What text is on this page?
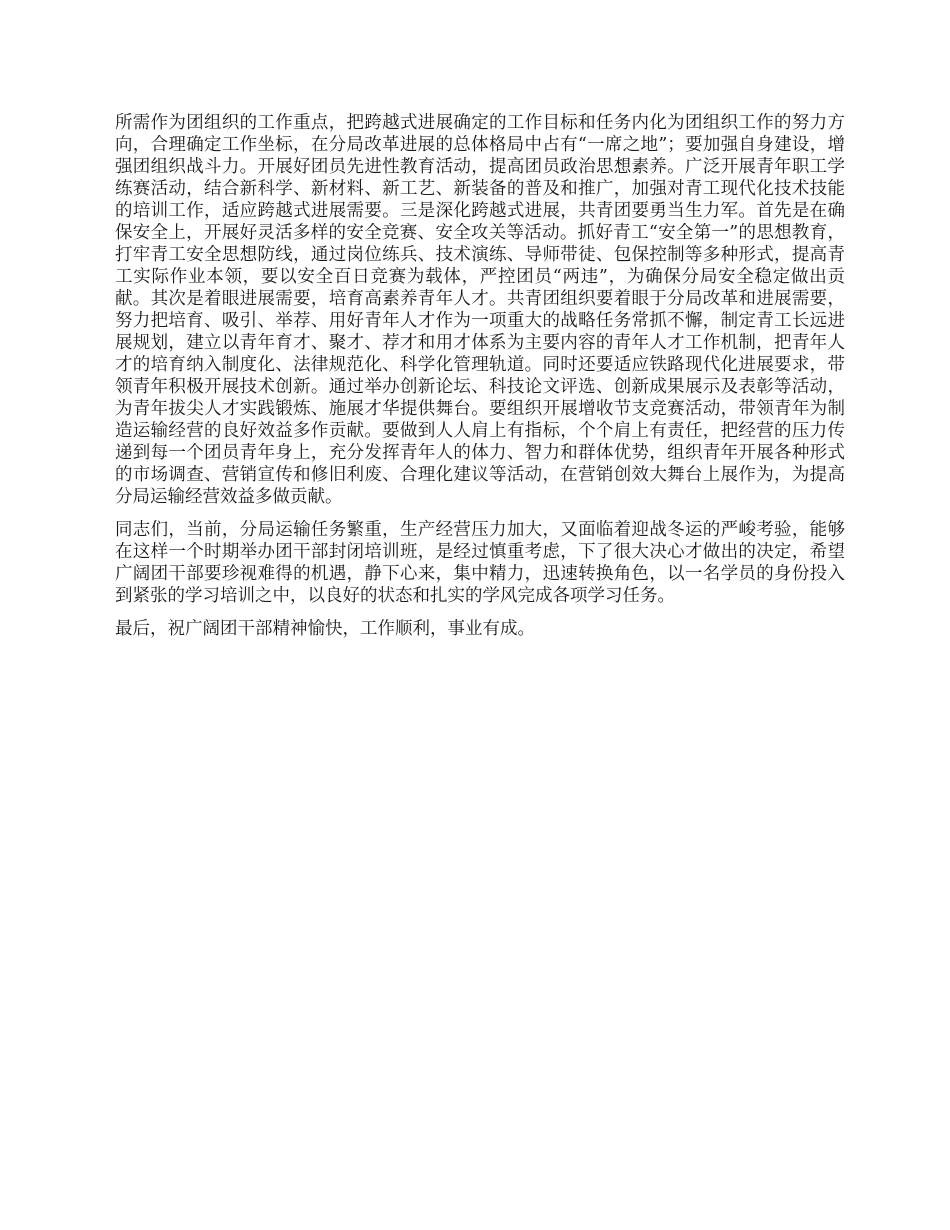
所需作为团组织的工作重点，把跨越式进展确定的工作目标和任务内化为团组织工作的努力方向，合理确定工作坐标，在分局改革进展的总体格局中占有“一席之地”；要加强自身建设，增强团组织战斗力。开展好团员先进性教育活动，提高团员政治思想素养。广泛开展青年职工学练赛活动，结合新科学、新材料、新工艺、新装备的普及和推广，加强对青工现代化技术技能的培训工作，适应跨越式进展需要。三是深化跨越式进展，共青团要勇当生力军。首先是在确保安全上，开展好灵活多样的安全竞赛、安全攻关等活动。抓好青工“安全第一”的思想教育，打牢青工安全思想防线，通过岗位练兵、技术演练、导师带徒、包保控制等多种形式，提高青工实际作业本领，要以安全百日竞赛为载体，严控团员“两违”，为确保分局安全稳定做出贡献。其次是着眼进展需要，培育高素养青年人才。共青团组织要着眼于分局改革和进展需要，努力把培育、吸引、举荐、用好青年人才作为一项重大的战略任务常抓不懈，制定青工长远进展规划，建立以青年育才、聚才、荐才和用才体系为主要内容的青年人才工作机制，把青年人才的培育纳入制度化、法律规范化、科学化管理轨道。同时还要适应铁路现代化进展要求，带领青年积极开展技术创新。通过举办创新论坛、科技论文评选、创新成果展示及表彰等活动，为青年拔尖人才实践锻炼、施展才华提供舞台。要组织开展增收节支竞赛活动，带领青年为制造运输经营的良好效益多作贡献。要做到人人肩上有指标，个个肩上有责任，把经营的压力传递到每一个团员青年身上，充分发挥青年人的体力、智力和群体优势，组织青年开展各种形式的市场调查、营销宣传和修旧利废、合理化建议等活动，在营销创效大舞台上展作为，为提高分局运输经营效益多做贡献。

同志们，当前，分局运输任务繁重，生产经营压力加大，又面临着迎战冬运的严峻考验，能够在这样一个时期举办团干部封闭培训班，是经过慎重考虑，下了很大决心才做出的决定，希望广阔团干部要珍视难得的机遇，静下心来，集中精力，迅速转换角色，以一名学员的身份投入到紧张的学习培训之中，以良好的状态和扎实的学风完成各项学习任务。

最后，祝广阔团干部精神愉快，工作顺利，事业有成。
